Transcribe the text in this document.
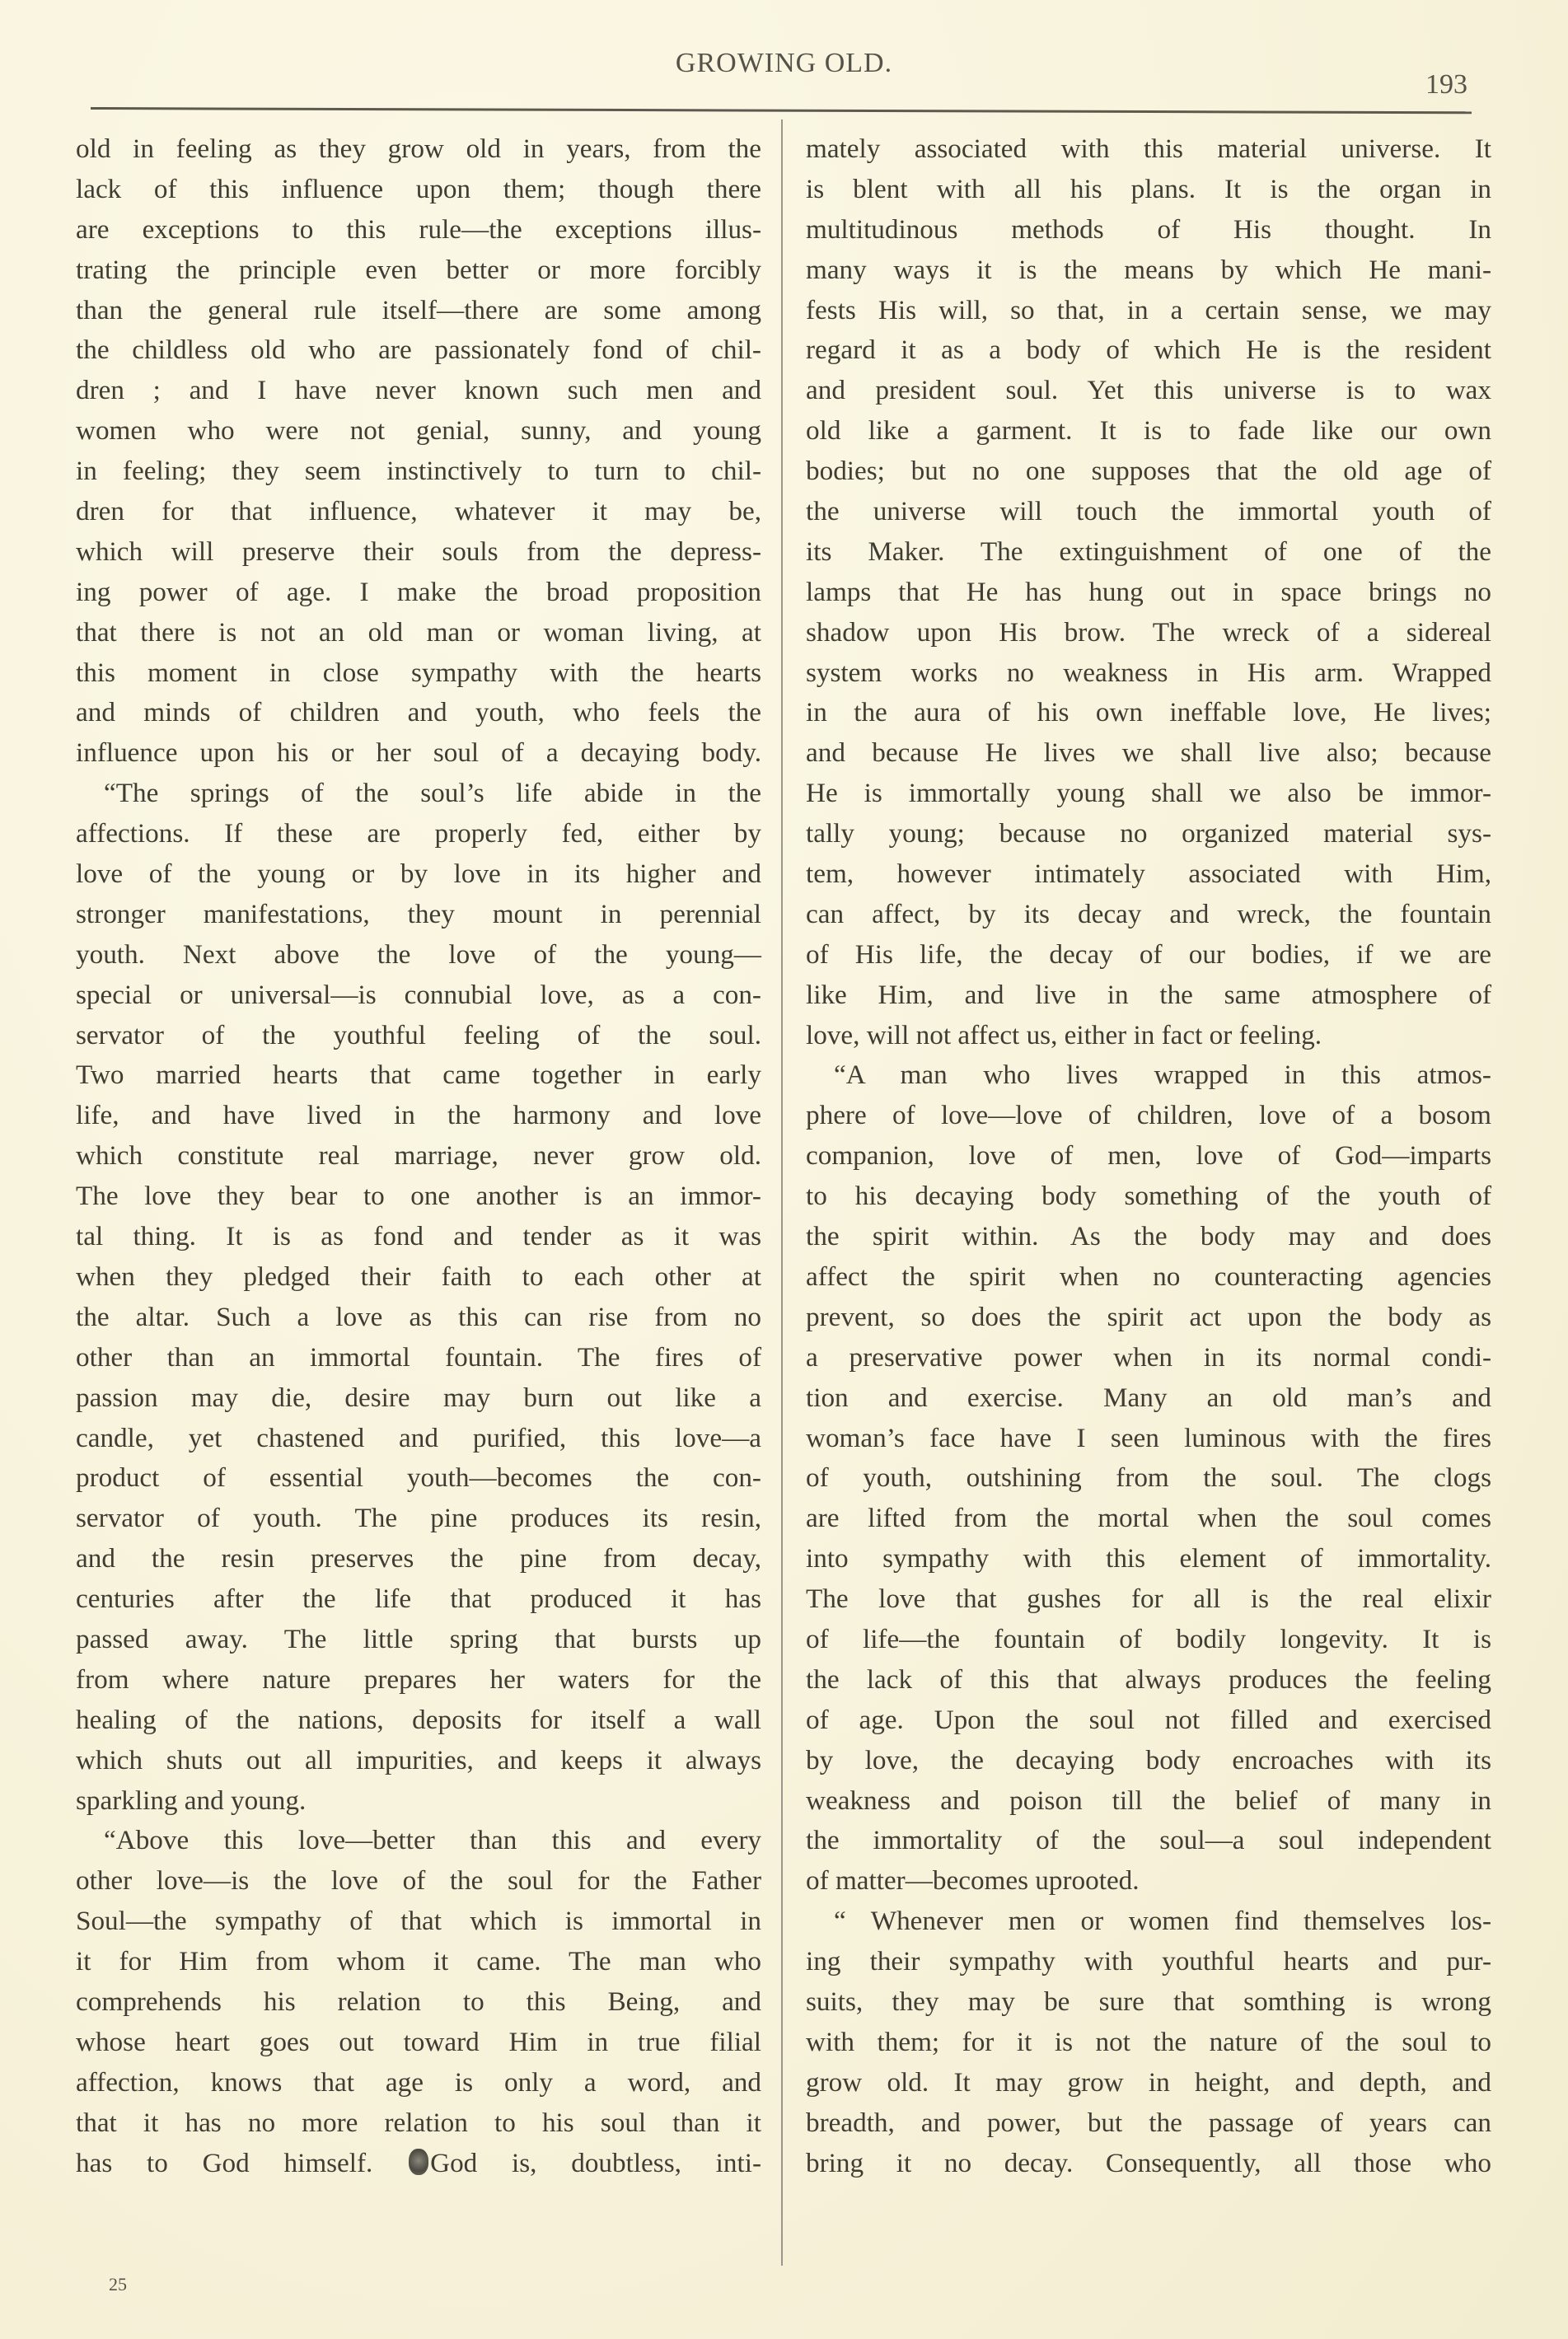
GROWING OLD.
193
old in feeling as they grow old in years, from the
lack of this influence upon them; though there
are exceptions to this rule—the exceptions illus-
trating the principle even better or more forcibly
than the general rule itself—there are some among
the childless old who are passionately fond of chil-
dren ; and I have never known such men and
women who were not genial, sunny, and young
in feeling; they seem instinctively to turn to chil-
dren for that influence, whatever it may be,
which will preserve their souls from the depress-
ing power of age. I make the broad proposition
that there is not an old man or woman living, at
this moment in close sympathy with the hearts
and minds of children and youth, who feels the
influence upon his or her soul of a decaying body.
“The springs of the soul’s life abide in the
affections. If these are properly fed, either by
love of the young or by love in its higher and
stronger manifestations, they mount in perennial
youth. Next above the love of the young—
special or universal—is connubial love, as a con-
servator of the youthful feeling of the soul.
Two married hearts that came together in early
life, and have lived in the harmony and love
which constitute real marriage, never grow old.
The love they bear to one another is an immor-
tal thing. It is as fond and tender as it was
when they pledged their faith to each other at
the altar. Such a love as this can rise from no
other than an immortal fountain. The fires of
passion may die, desire may burn out like a
candle, yet chastened and purified, this love—a
product of essential youth—becomes the con-
servator of youth. The pine produces its resin,
and the resin preserves the pine from decay,
centuries after the life that produced it has
passed away. The little spring that bursts up
from where nature prepares her waters for the
healing of the nations, deposits for itself a wall
which shuts out all impurities, and keeps it always
sparkling and young.
“Above this love—better than this and every
other love—is the love of the soul for the Father
Soul—the sympathy of that which is immortal in
it for Him from whom it came. The man who
comprehends his relation to this Being, and
whose heart goes out toward Him in true filial
affection, knows that age is only a word, and
that it has no more relation to his soul than it
has to God himself. God is, doubtless, inti-
mately associated with this material universe. It
is blent with all his plans. It is the organ in
multitudinous methods of His thought. In
many ways it is the means by which He mani-
fests His will, so that, in a certain sense, we may
regard it as a body of which He is the resident
and president soul. Yet this universe is to wax
old like a garment. It is to fade like our own
bodies; but no one supposes that the old age of
the universe will touch the immortal youth of
its Maker. The extinguishment of one of the
lamps that He has hung out in space brings no
shadow upon His brow. The wreck of a sidereal
system works no weakness in His arm. Wrapped
in the aura of his own ineffable love, He lives;
and because He lives we shall live also; because
He is immortally young shall we also be immor-
tally young; because no organized material sys-
tem, however intimately associated with Him,
can affect, by its decay and wreck, the fountain
of His life, the decay of our bodies, if we are
like Him, and live in the same atmosphere of
love, will not affect us, either in fact or feeling.
“A man who lives wrapped in this atmos-
phere of love—love of children, love of a bosom
companion, love of men, love of God—imparts
to his decaying body something of the youth of
the spirit within. As the body may and does
affect the spirit when no counteracting agencies
prevent, so does the spirit act upon the body as
a preservative power when in its normal condi-
tion and exercise. Many an old man’s and
woman’s face have I seen luminous with the fires
of youth, outshining from the soul. The clogs
are lifted from the mortal when the soul comes
into sympathy with this element of immortality.
The love that gushes for all is the real elixir
of life—the fountain of bodily longevity. It is
the lack of this that always produces the feeling
of age. Upon the soul not filled and exercised
by love, the decaying body encroaches with its
weakness and poison till the belief of many in
the immortality of the soul—a soul independent
of matter—becomes uprooted.
“ Whenever men or women find themselves los-
ing their sympathy with youthful hearts and pur-
suits, they may be sure that somthing is wrong
with them; for it is not the nature of the soul to
grow old. It may grow in height, and depth, and
breadth, and power, but the passage of years can
bring it no decay. Consequently, all those who
25
